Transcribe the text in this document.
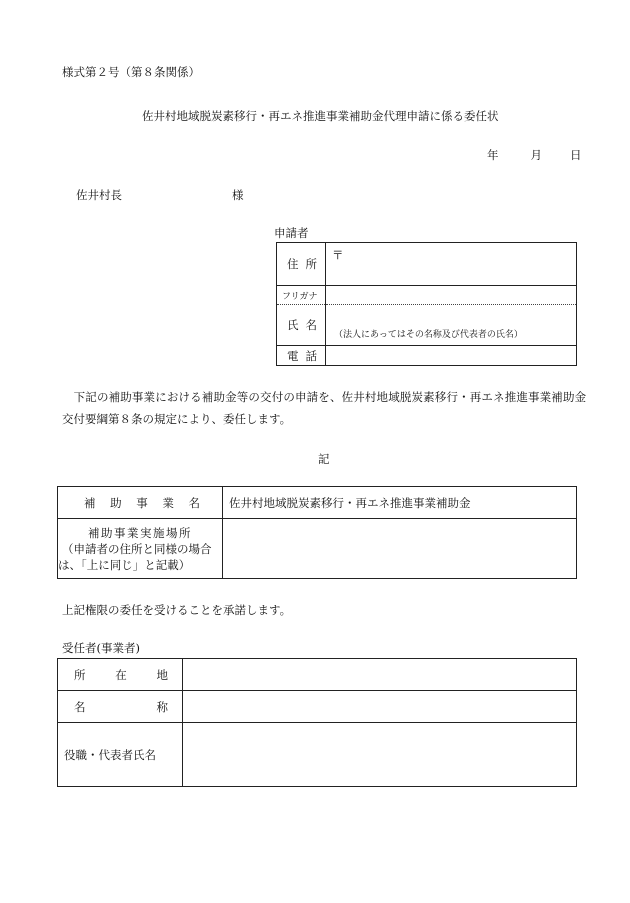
様式第２号（第８条関係）
佐井村地域脱炭素移行・再エネ推進事業補助金代理申請に係る委任状
年	月 日
佐井村長	様
申請者
住 所	〒
フリガナ	

氏 名	（法人にあってはその名称及び代表者の氏名）

電 話	

　下記の補助事業における補助金等の交付の申請を、佐井村地域脱炭素移行・再エネ推進事業補助金
交付要綱第８条の規定により、委任します。
記
補 助 事 業 名	佐井村地域脱炭素移行・再エネ推進事業補助金

補助事業実施場所
（申請者の住所と同様の場合
は、「上に同じ」と記載）	

上記権限の委任を受けることを承諾します。
受任者(事業者)
所 在 地	

名 称	

役職・代表者氏名	
